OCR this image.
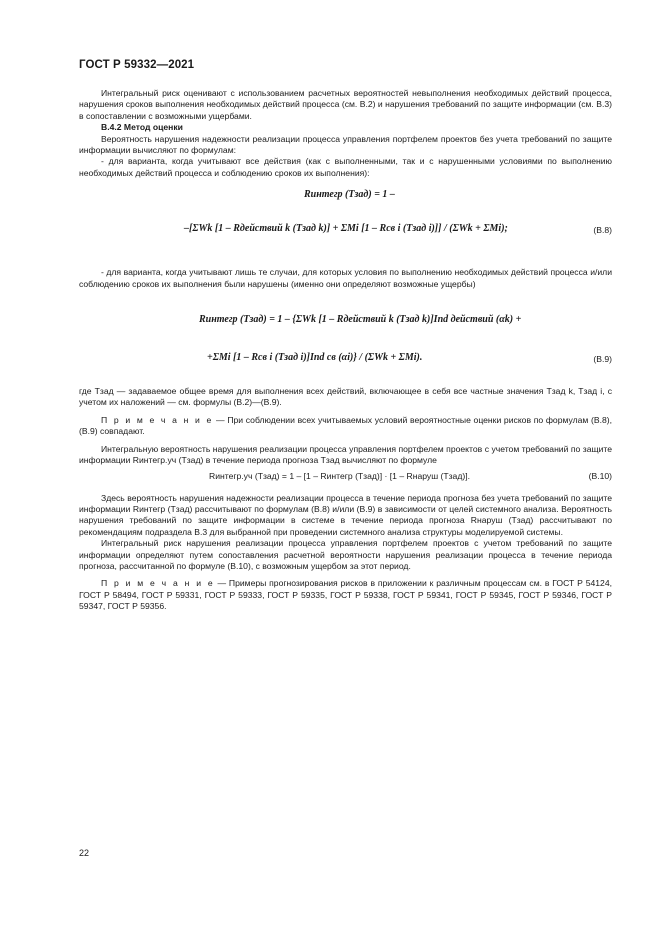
ГОСТ Р 59332—2021

Интегральный риск оценивают с использованием расчетных вероятностей невыполнения необходимых действий процесса, нарушения сроков выполнения необходимых действий процесса (см. В.2) и нарушения требований по защите информации (см. В.3) в сопоставлении с возможными ущербами.

В.4.2 Метод оценки

Вероятность нарушения надежности реализации процесса управления портфелем проектов без учета требований по защите информации вычисляют по формулам:

- для варианта, когда учитывают все действия (как с выполненными, так и с нарушенными условиями по выполнению необходимых действий процесса и соблюдению сроков их выполнения):

Rинтегр (Tзад) = 1 –
–[ΣWk [1 – Rдействий k (Tзад k)] + ΣMi [1 – Rсв i (Tзад i)]] / (ΣWk + ΣMi);	(В.8)

- для варианта, когда учитывают лишь те случаи, для которых условия по выполнению необходимых действий процесса и/или соблюдению сроков их выполнения были нарушены (именно они определяют возможные ущербы)

Rинтегр (Tзад) = 1 – {ΣWk [1 – Rдействий k (Tзад k)]Ind действий (αk) +
+ΣMi [1 – Rсв i (Tзад i)]Ind св (αi)} / (ΣWk + ΣMi).	(В.9)

где Tзад — задаваемое общее время для выполнения всех действий, включающее в себя все частные значения Tзад k, Tзад i, с учетом их наложений — см. формулы (В.2)—(В.9).

П р и м е ч а н и е — При соблюдении всех учитываемых условий вероятностные оценки рисков по формулам (В.8), (В.9) совпадают.

Интегральную вероятность нарушения реализации процесса управления портфелем проектов с учетом требований по защите информации Rинтегр.уч (Tзад) в течение периода прогноза Tзад вычисляют по формуле

Rинтегр.уч (Tзад) = 1 – [1 – Rинтегр (Tзад)] · [1 – Rнаруш (Tзад)].	(В.10)

Здесь вероятность нарушения надежности реализации процесса в течение периода прогноза без учета требований по защите информации Rинтегр (Tзад) рассчитывают по формулам (В.8) и/или (В.9) в зависимости от целей системного анализа. Вероятность нарушения требований по защите информации в системе в течение периода прогноза Rнаруш (Tзад) рассчитывают по рекомендациям подраздела В.3 для выбранной при проведении системного анализа структуры моделируемой системы.

Интегральный риск нарушения реализации процесса управления портфелем проектов с учетом требований по защите информации определяют путем сопоставления расчетной вероятности нарушения реализации процесса в течение периода прогноза, рассчитанной по формуле (В.10), с возможным ущербом за этот период.

П р и м е ч а н и е — Примеры прогнозирования рисков в приложении к различным процессам см. в ГОСТ Р 54124, ГОСТ Р 58494, ГОСТ Р 59331, ГОСТ Р 59333, ГОСТ Р 59335, ГОСТ Р 59338, ГОСТ Р 59341, ГОСТ Р 59345, ГОСТ Р 59346, ГОСТ Р 59347, ГОСТ Р 59356.

22
